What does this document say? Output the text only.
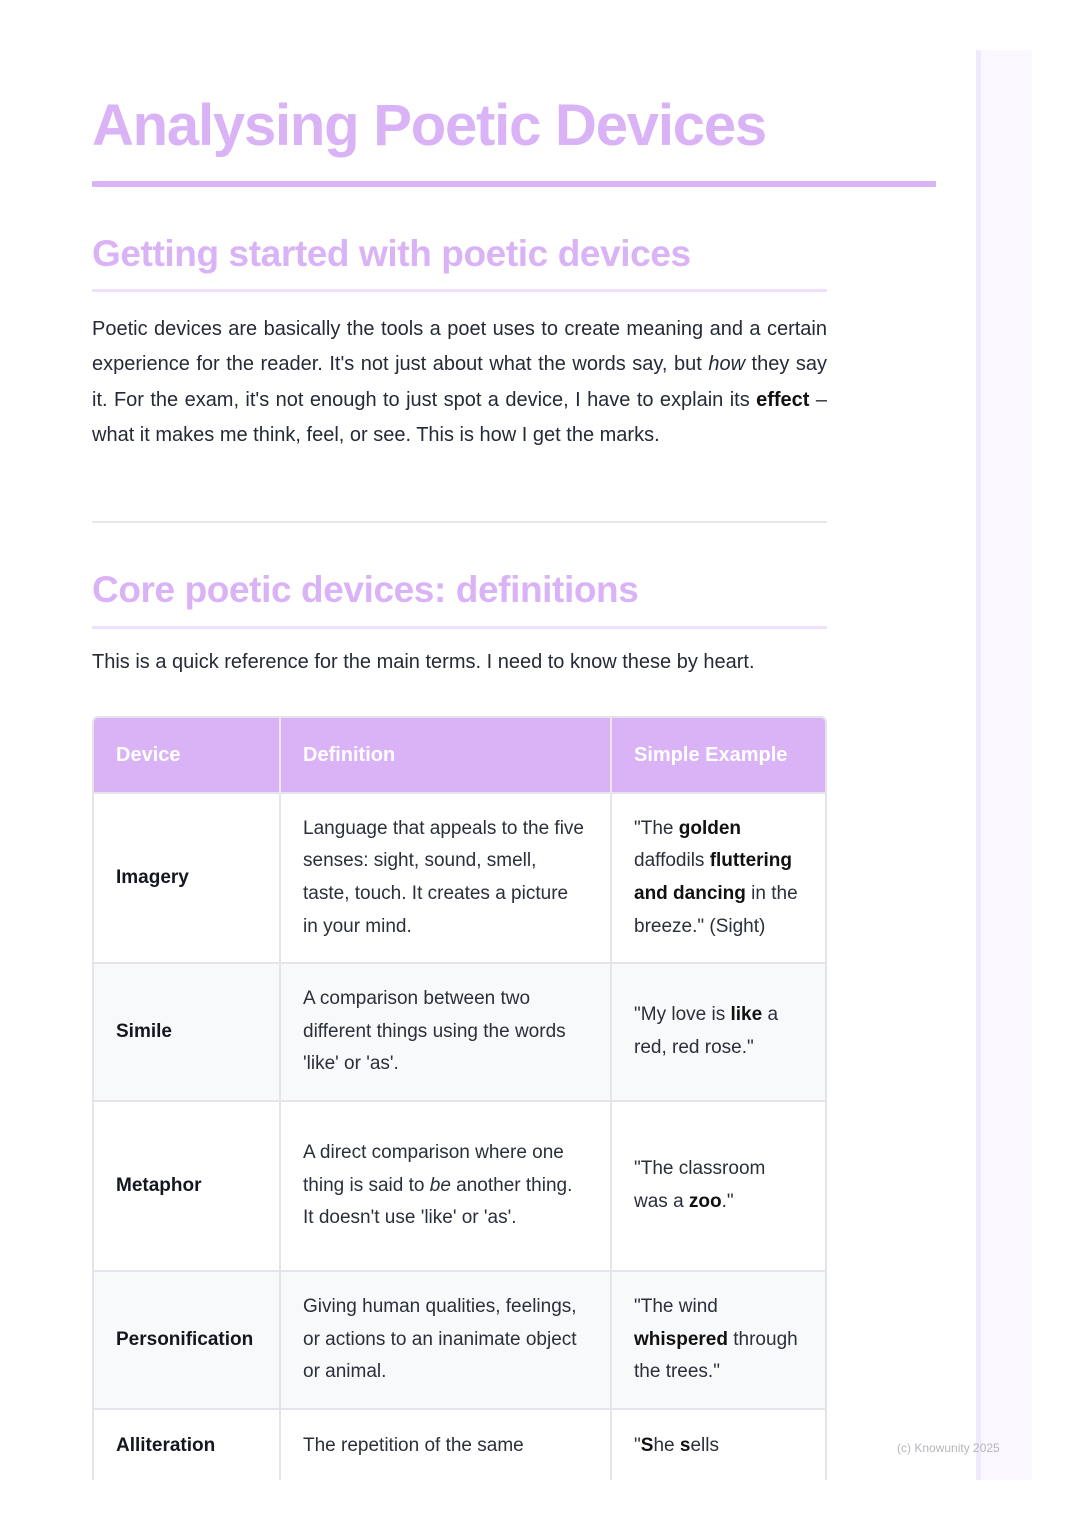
(c) Knowunity 2025
Analysing Poetic Devices
Getting started with poetic devices

Poetic devices are basically the tools a poet uses to create meaning and a certain experience for the reader. It's not just about what the words say, but how they say it. For the exam, it's not enough to just spot a device, I have to explain its effect – what it makes me think, feel, or see. This is how I get the marks.

Core poetic devices: definitions

This is a quick reference for the main terms. I need to know these by heart.

Device	Definition	Simple Example
Imagery	Language that appeals to the five senses: sight, sound, smell, taste, touch. It creates a picture in your mind.	"The golden daffodils fluttering and dancing in the breeze." (Sight)
Simile	A comparison between two different things using the words 'like' or 'as'.	"My love is like a red, red rose."
Metaphor	A direct comparison where one thing is said to be another thing. It doesn't use 'like' or 'as'.	"The classroom was a zoo."
Personification	Giving human qualities, feelings, or actions to an inanimate object or animal.	"The wind whispered through the trees."

Alliteration	The repetition of the same	"She sells
